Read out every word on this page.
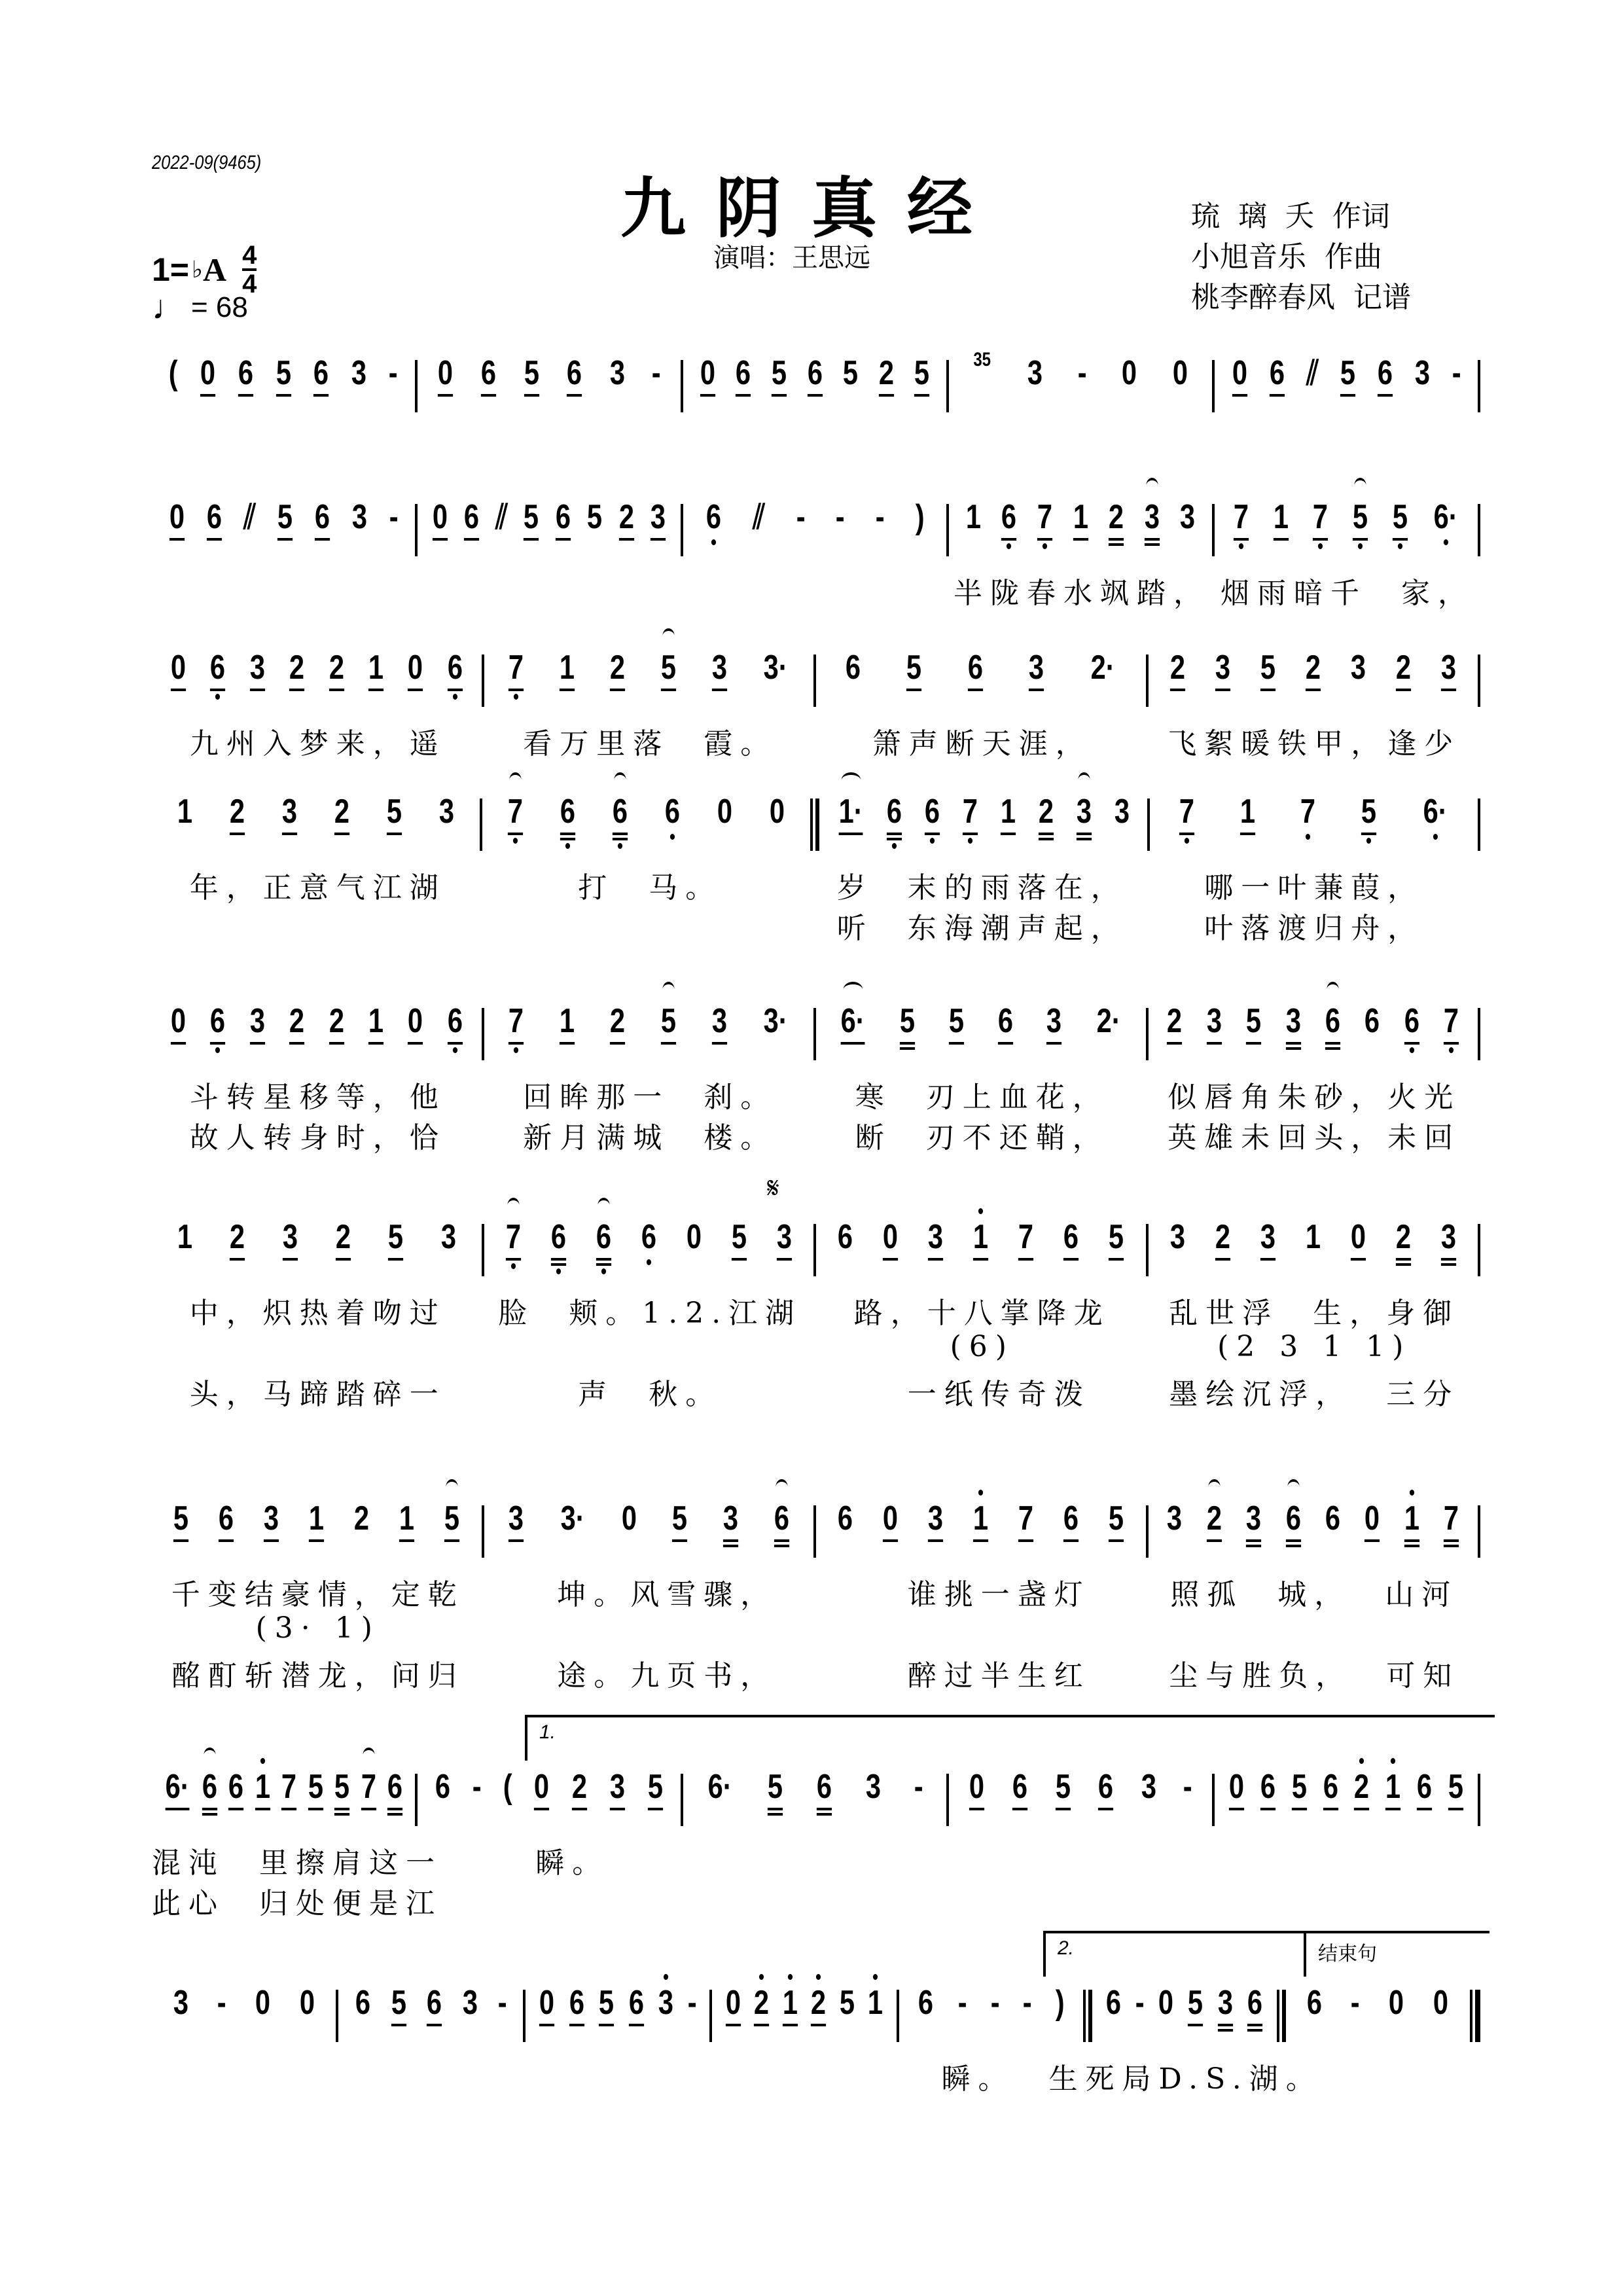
2022-09(9465)
九阴真经
演唱：王思远
琉  璃  夭  作词
小旭音乐  作曲
桃李醉春风  记谱
1= ♭ A $\frac{4}{4}$
♩ = 68
( 0 6 5 6 3 - 0 6 5 6 3 - 0 6 5 6 5 2 5 35 3 - 0 0 0 6 ⫽ 5 6 3 -
0 6 ⫽ 5 6 3 - 0 6 ⫽ 5 6 5 2 3 6 ⫽ - - - ) 1 6 7 1 2 3 3 7 1 7 5 5 6·
半陇春水飒踏， 烟雨暗千  家，
0 6 3 2 2 1 0 6 7 1 2 5 3 3· 6 5 6 3 2· 2 3 5 2 3 2 3
九州入梦来，遥	看万里落  霞。	箫声断天涯，	飞絮暖铁甲，逢少
1 2 3 2 5 3 7 6 6 6 0 0 1· 6 6 7 1 2 3 3 7 1 7 5 6·
年，正意气江湖	打  马。	岁  末的雨落在，	哪一叶蒹葭，
听  东海潮声起，	叶落渡归舟，
0 6 3 2 2 1 0 6 7 1 2 5 3 3· 6· 5 5 6 3 2· 2 3 5 3 6 6 6 7
斗转星移等，他	回眸那一  刹。	寒  刃上血花，	似唇角朱砂，火光
故人转身时，恰	新月满城  楼。	断  刃不还鞘，	英雄未回头，未回
1 2 3 2 5 3 7 6 6 6 0 5 3 6 0 3 1 7 6 5 3 2 3 1 0 2 3
中，炽热着吻过	脸  颊。1.2.江湖	路，十八掌降龙	乱世浮  生，身御
(6)	(2 3 1 1)
头，马蹄踏碎一	声  秋。	一纸传奇泼	墨绘沉浮，  三分
𝄋
5 6 3 1 2 1 5 3 3· 0 5 3 6 6 0 3 1 7 6 5 3 2 3 6 6 0 1 7
千变结豪情，定乾	坤。风雪骤，	谁挑一盏灯	照孤  城，  山河
(3· 1)
酩酊斩潜龙，问归	途。九页书，	醉过半生红	尘与胜负，  可知
6· 6 6 1 7 5 5 7 6 6 - ( 0 2 3 5 6· 5 6 3 - 0 6 5 6 3 - 0 6 5 6 2 1 6 5
混沌  里擦肩这一	瞬。
此心  归处便是江
1.
3 - 0 0 6 5 6 3 - 0 6 5 6 3 - 0 2 1 2 5 1 6 - - - ) 6 - 0 5 3 6 6 - 0 0
瞬。  生死局D.S.湖。
2.	结束句
